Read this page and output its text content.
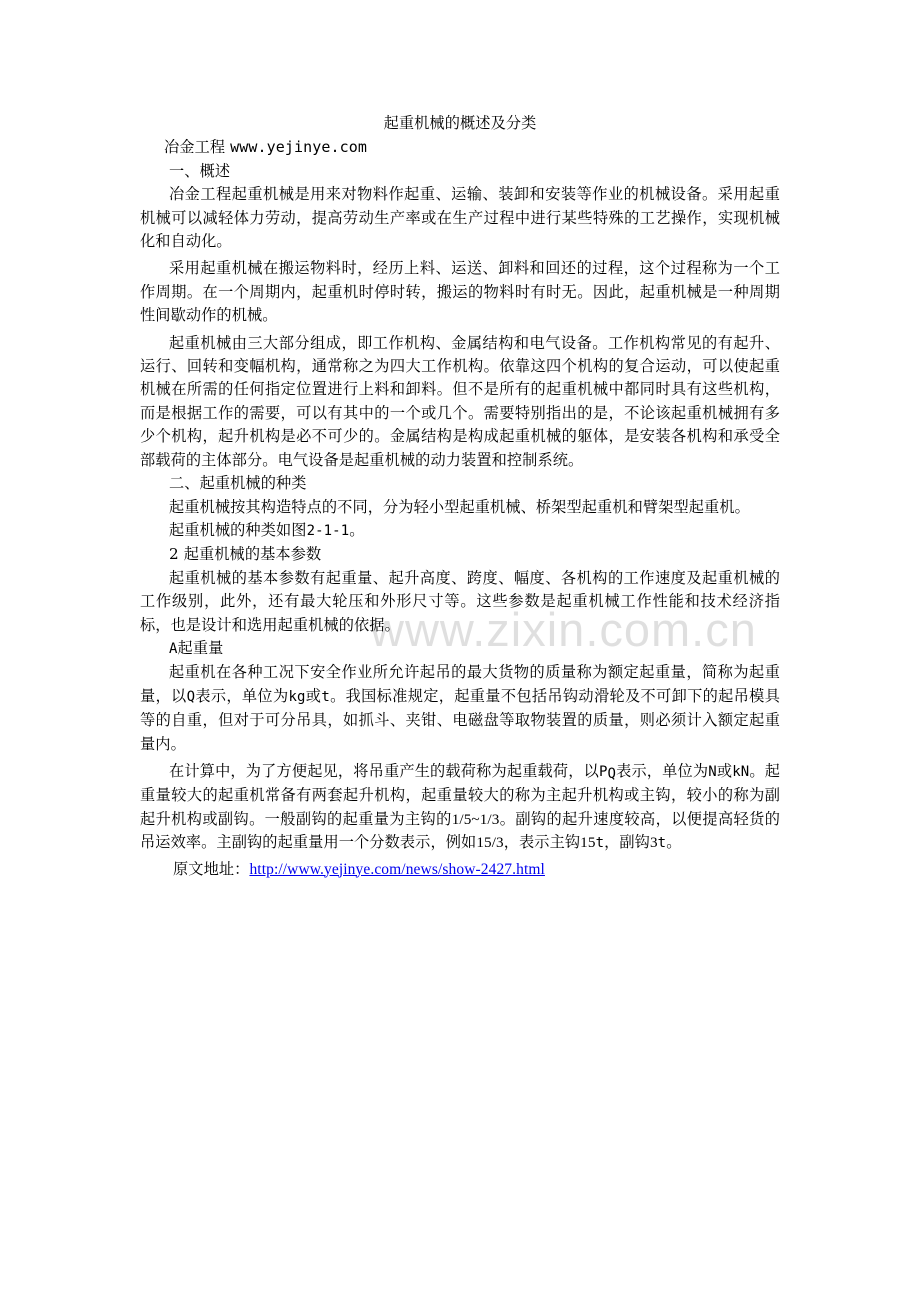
起重机械的概述及分类

冶金工程 www.yejinye.com

一、概述

冶金工程起重机械是用来对物料作起重、运输、装卸和安装等作业的机械设备。采用起重机械可以减轻体力劳动，提高劳动生产率或在生产过程中进行某些特殊的工艺操作，实现机械化和自动化。

采用起重机械在搬运物料时，经历上料、运送、卸料和回还的过程，这个过程称为一个工作周期。在一个周期内，起重机时停时转，搬运的物料时有时无。因此，起重机械是一种周期性间歇动作的机械。

起重机械由三大部分组成，即工作机构、金属结构和电气设备。工作机构常见的有起升、运行、回转和变幅机构，通常称之为四大工作机构。依靠这四个机构的复合运动，可以使起重机械在所需的任何指定位置进行上料和卸料。但不是所有的起重机械中都同时具有这些机构，而是根据工作的需要，可以有其中的一个或几个。需要特别指出的是，不论该起重机械拥有多少个机构，起升机构是必不可少的。金属结构是构成起重机械的躯体，是安装各机构和承受全部载荷的主体部分。电气设备是起重机械的动力装置和控制系统。

二、起重机械的种类

起重机械按其构造特点的不同，分为轻小型起重机械、桥架型起重机和臂架型起重机。

起重机械的种类如图2-1-1。

2 起重机械的基本参数

起重机械的基本参数有起重量、起升高度、跨度、幅度、各机构的工作速度及起重机械的工作级别，此外，还有最大轮压和外形尺寸等。这些参数是起重机械工作性能和技术经济指标，也是设计和选用起重机械的依据。

A起重量

起重机在各种工况下安全作业所允许起吊的最大货物的质量称为额定起重量，简称为起重量，以Q表示，单位为kg或t。我国标准规定，起重量不包括吊钩动滑轮及不可卸下的起吊模具等的自重，但对于可分吊具，如抓斗、夹钳、电磁盘等取物装置的质量，则必须计入额定起重量内。

在计算中，为了方便起见，将吊重产生的载荷称为起重载荷，以$P_Q$表示，单位为N或kN。起重量较大的起重机常备有两套起升机构，起重量较大的称为主起升机构或主钩，较小的称为副起升机构或副钩。一般副钩的起重量为主钩的1/5~1/3。副钩的起升速度较高，以便提高轻货的吊运效率。主副钩的起重量用一个分数表示，例如15/3，表示主钩15t，副钩3t。

原文地址：http://www.yejinye.com/news/show-2427.html

www.zixin.com.cn
